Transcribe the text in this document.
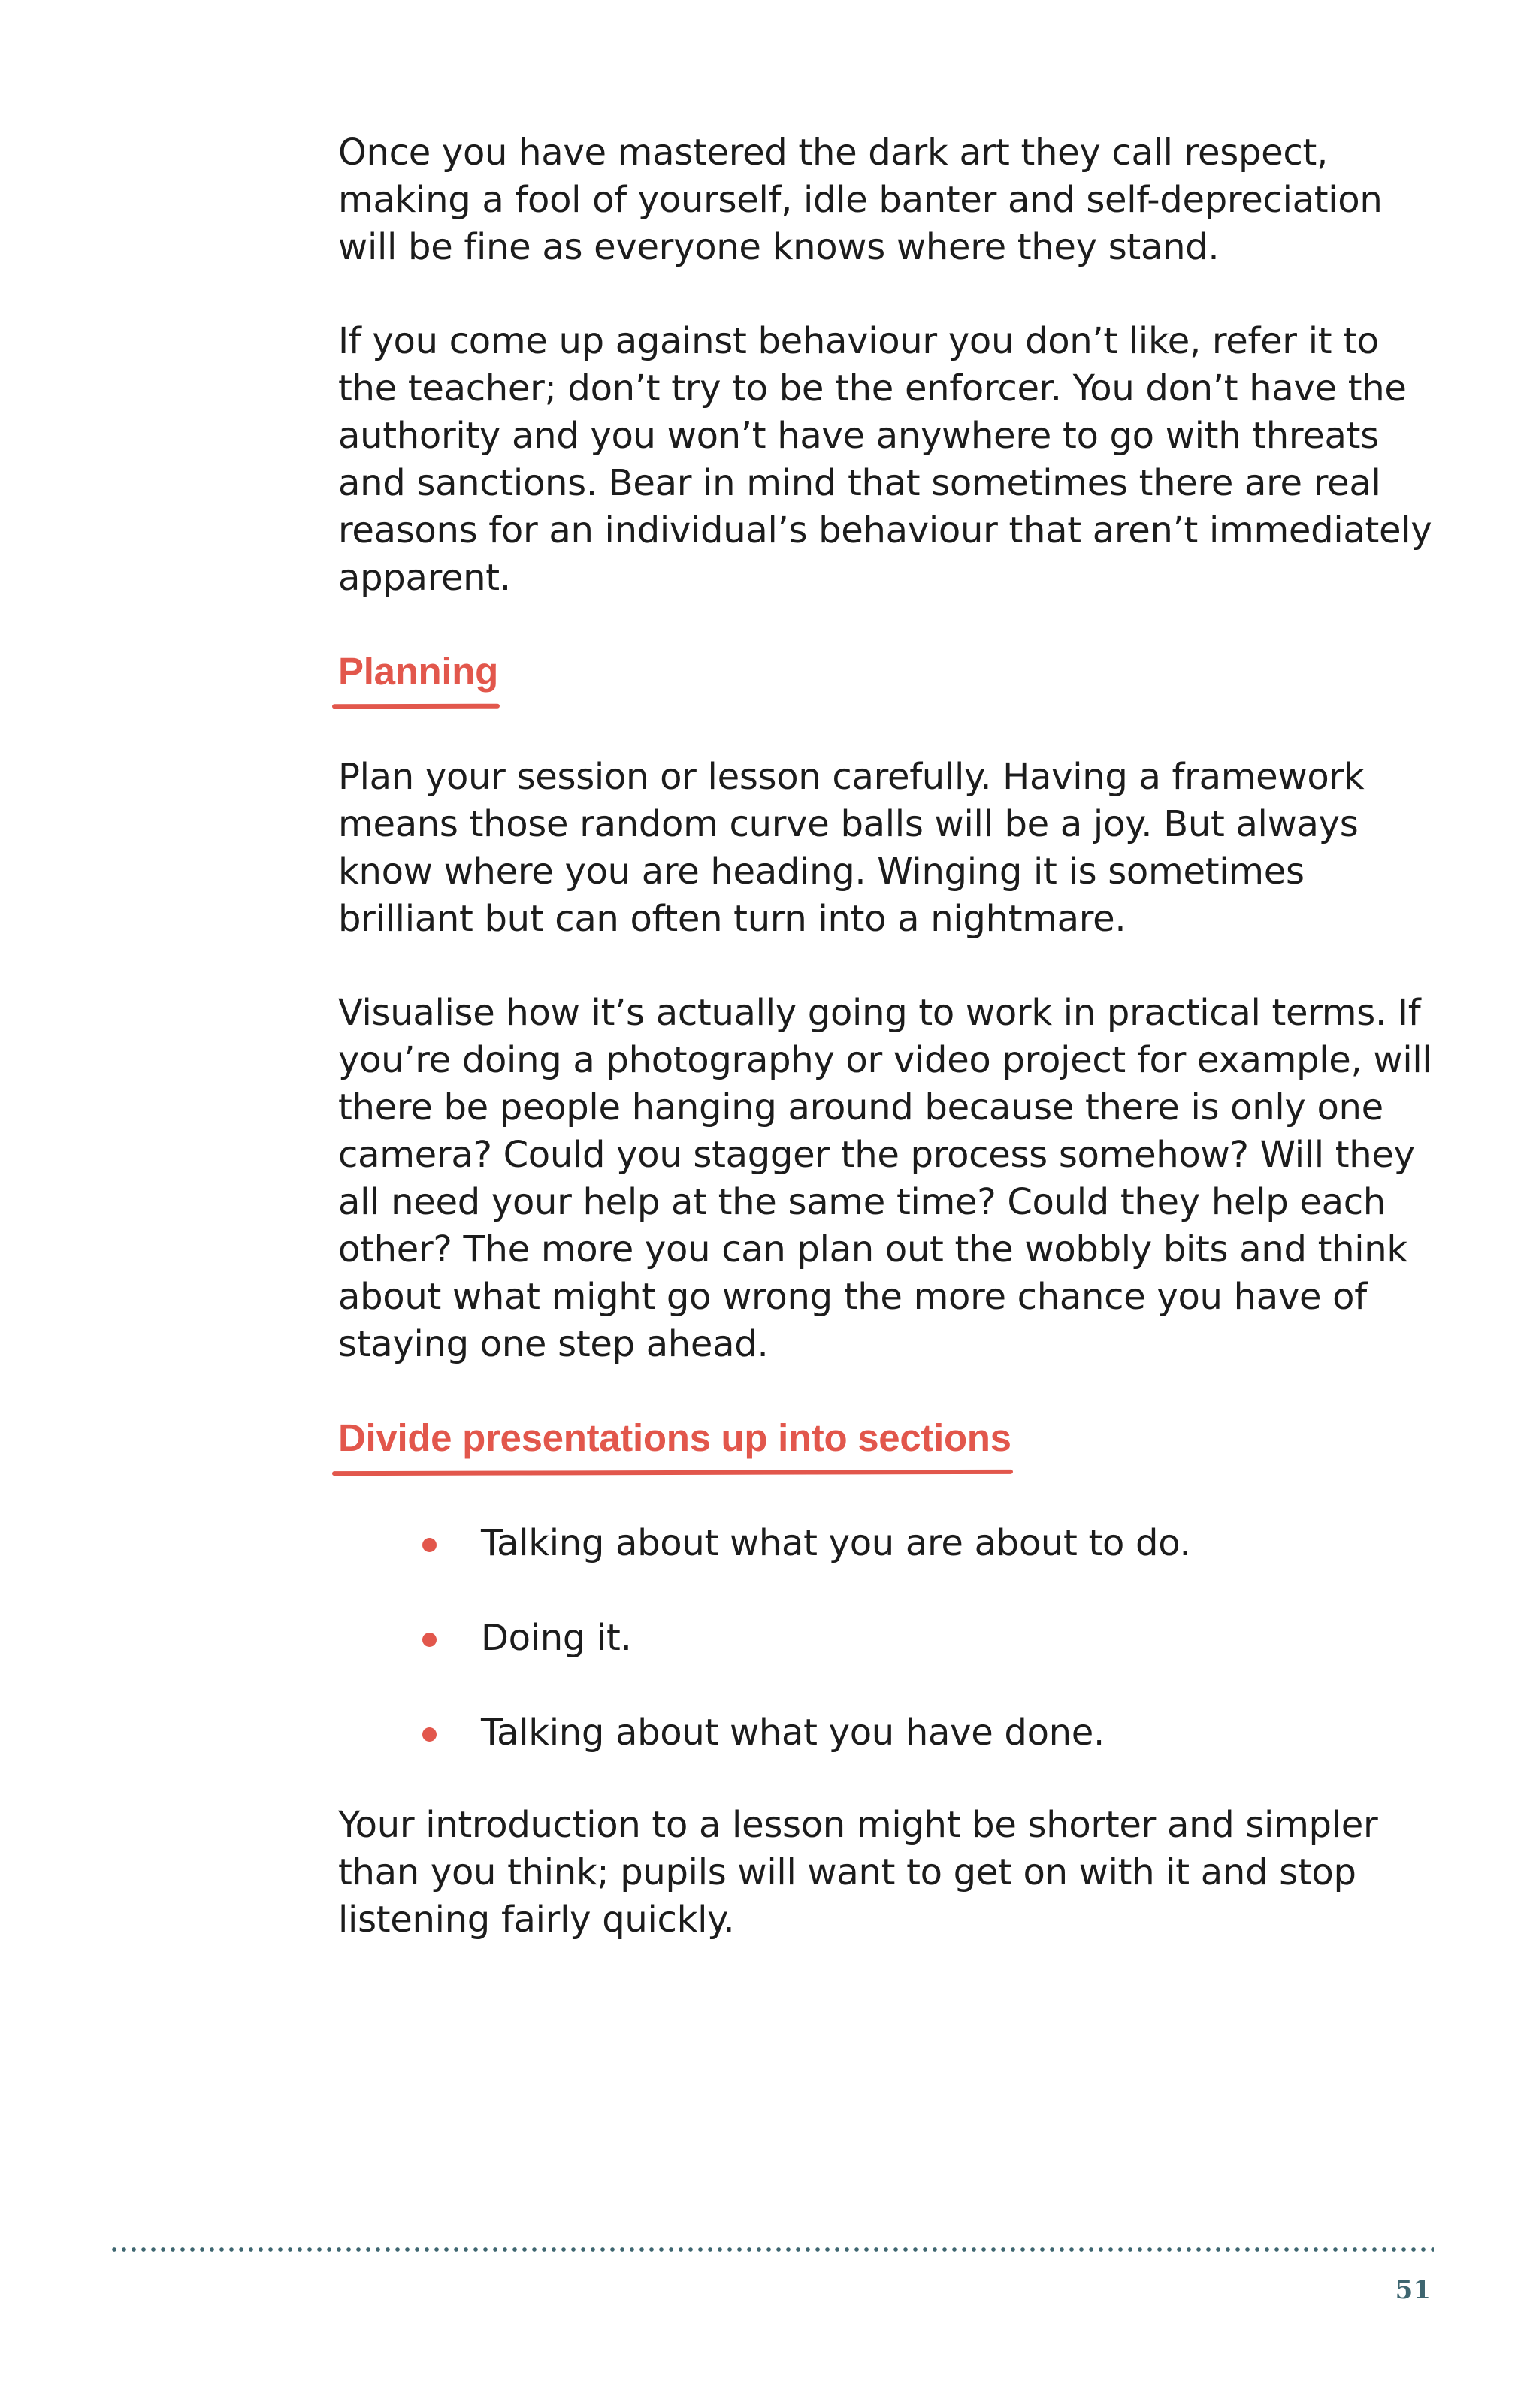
Once you have mastered the dark art they call respect, making a fool of yourself, idle banter and self-depreciation will be fine as everyone knows where they stand.

If you come up against behaviour you don’t like, refer it to the teacher; don’t try to be the enforcer. You don’t have the authority and you won’t have anywhere to go with threats and sanctions. Bear in mind that sometimes there are real reasons for an individual’s behaviour that aren’t immediately apparent.

Planning

Plan your session or lesson carefully. Having a framework means those random curve balls will be a joy. But always know where you are heading. Winging it is sometimes brilliant but can often turn into a nightmare.

Visualise how it’s actually going to work in practical terms. If you’re doing a photography or video project for example, will there be people hanging around because there is only one camera? Could you stagger the process somehow? Will they all need your help at the same time? Could they help each other? The more you can plan out the wobbly bits and think about what might go wrong the more chance you have of staying one step ahead.

Divide presentations up into sections
Talking about what you are about to do.
Doing it.
Talking about what you have done.

Your introduction to a lesson might be shorter and simpler than you think; pupils will want to get on with it and stop listening fairly quickly.

51
